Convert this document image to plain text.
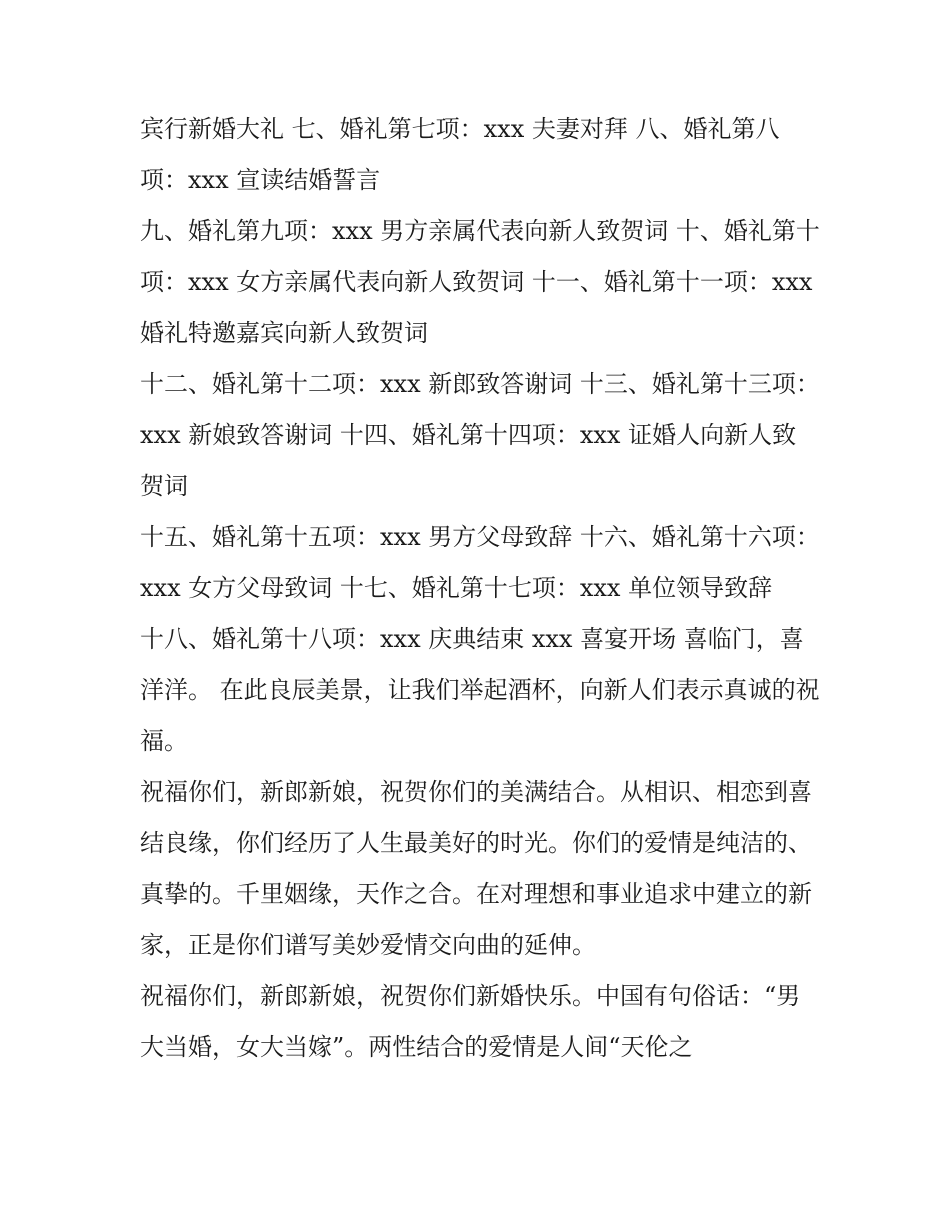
宾行新婚大礼 七、婚礼第七项：xxx 夫妻对拜 八、婚礼第八项：xxx 宣读结婚誓言

九、婚礼第九项：xxx 男方亲属代表向新人致贺词 十、婚礼第十项：xxx 女方亲属代表向新人致贺词 十一、婚礼第十一项：xxx 婚礼特邀嘉宾向新人致贺词

十二、婚礼第十二项：xxx 新郎致答谢词 十三、婚礼第十三项：xxx 新娘致答谢词 十四、婚礼第十四项：xxx 证婚人向新人致贺词

十五、婚礼第十五项：xxx 男方父母致辞 十六、婚礼第十六项：xxx 女方父母致词 十七、婚礼第十七项：xxx 单位领导致辞

十八、婚礼第十八项：xxx 庆典结束 xxx 喜宴开场 喜临门，喜洋洋。 在此良辰美景，让我们举起酒杯，向新人们表示真诚的祝福。

祝福你们，新郎新娘，祝贺你们的美满结合。从相识、相恋到喜结良缘，你们经历了人生最美好的时光。你们的爱情是纯洁的、真挚的。千里姻缘，天作之合。在对理想和事业追求中建立的新家，正是你们谱写美妙爱情交向曲的延伸。

祝福你们，新郎新娘，祝贺你们新婚快乐。中国有句俗话：“男大当婚，女大当嫁”。两性结合的爱情是人间“天伦之
